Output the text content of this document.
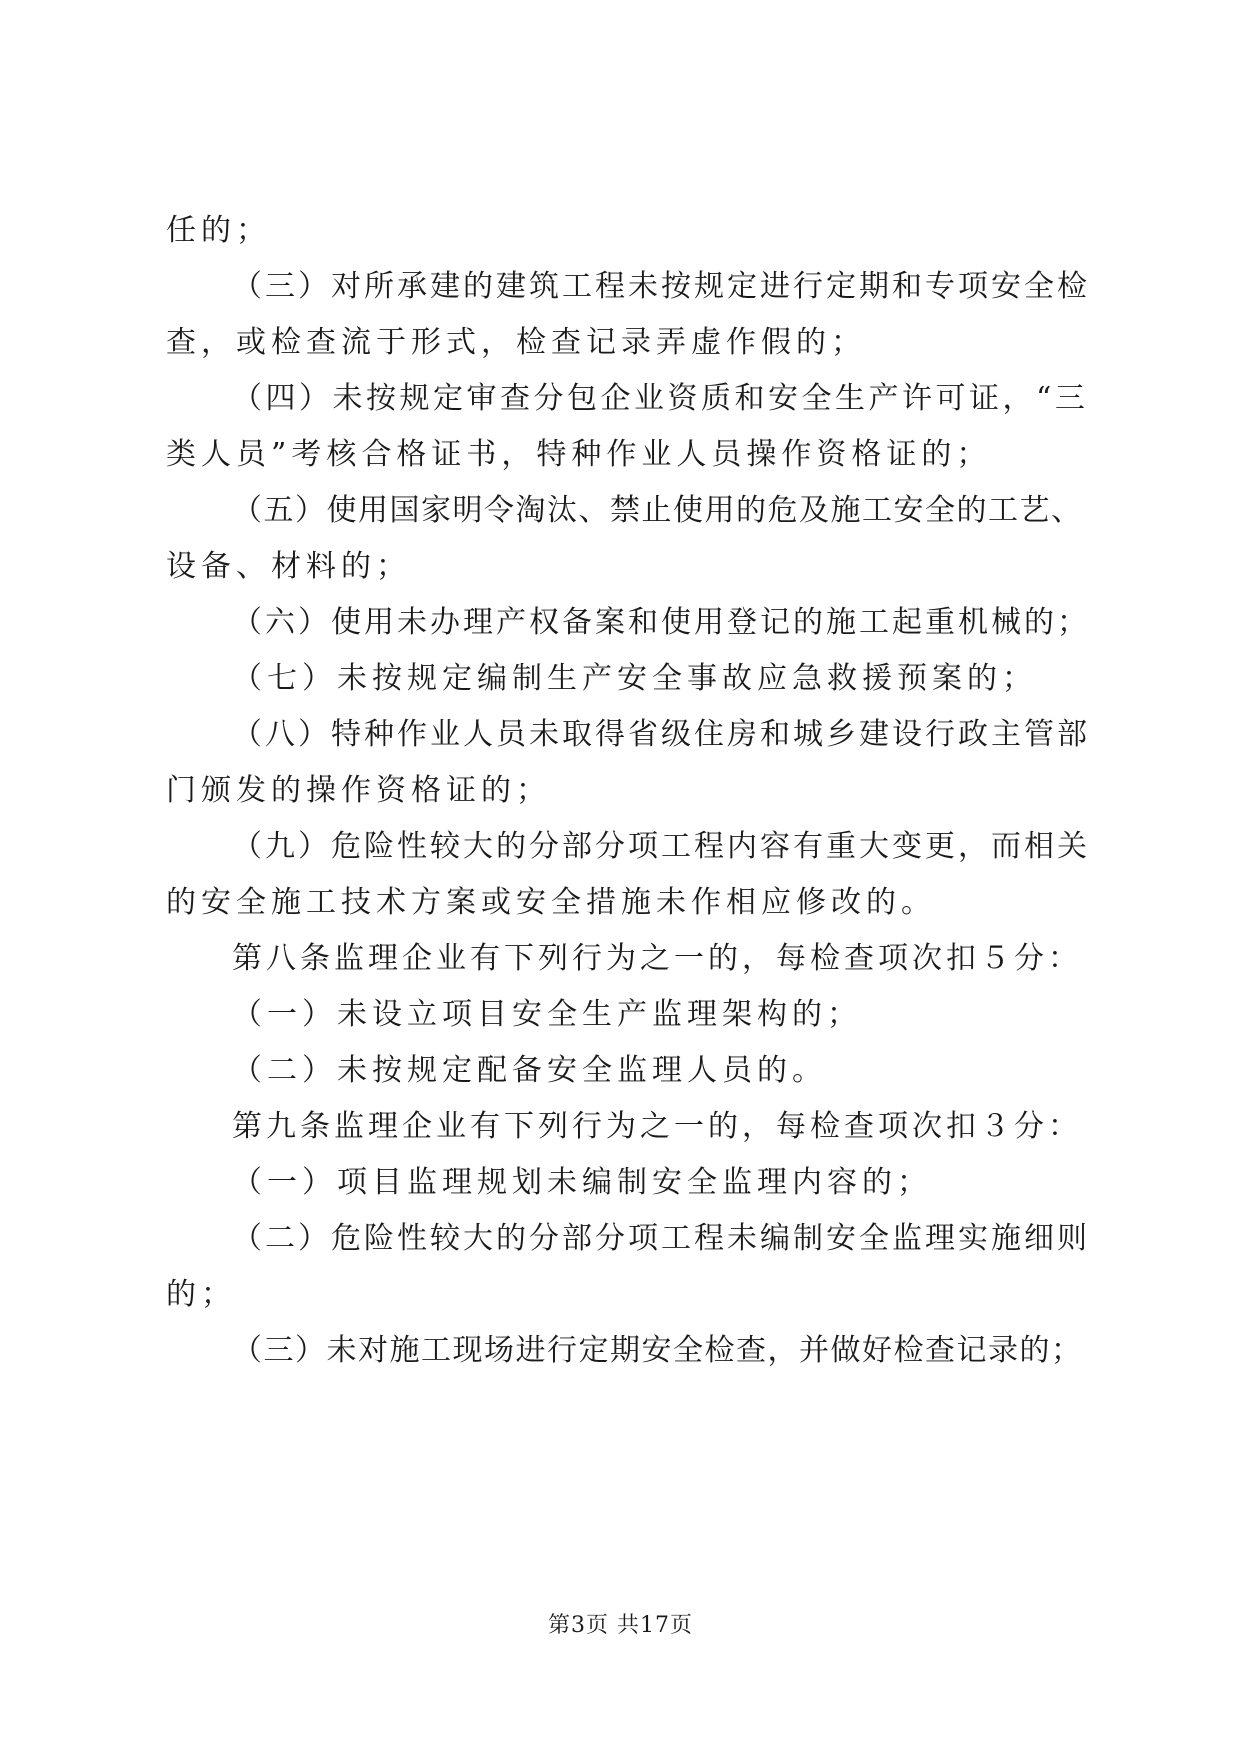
任的；
（三）对所承建的建筑工程未按规定进行定期和专项安全检
查，或检查流于形式，检查记录弄虚作假的；
（四）未按规定审查分包企业资质和安全生产许可证，“三
类人员”考核合格证书，特种作业人员操作资格证的；
（五）使用国家明令淘汰、禁止使用的危及施工安全的工艺、
设备、材料的；
（六）使用未办理产权备案和使用登记的施工起重机械的；
（七）未按规定编制生产安全事故应急救援预案的；
（八）特种作业人员未取得省级住房和城乡建设行政主管部
门颁发的操作资格证的；
（九）危险性较大的分部分项工程内容有重大变更，而相关
的安全施工技术方案或安全措施未作相应修改的。
第八条监理企业有下列行为之一的，每检查项次扣５分：
（一）未设立项目安全生产监理架构的；
（二）未按规定配备安全监理人员的。
第九条监理企业有下列行为之一的，每检查项次扣３分：
（一）项目监理规划未编制安全监理内容的；
（二）危险性较大的分部分项工程未编制安全监理实施细则
的；
（三）未对施工现场进行定期安全检查，并做好检查记录的；
第3页 共17页
